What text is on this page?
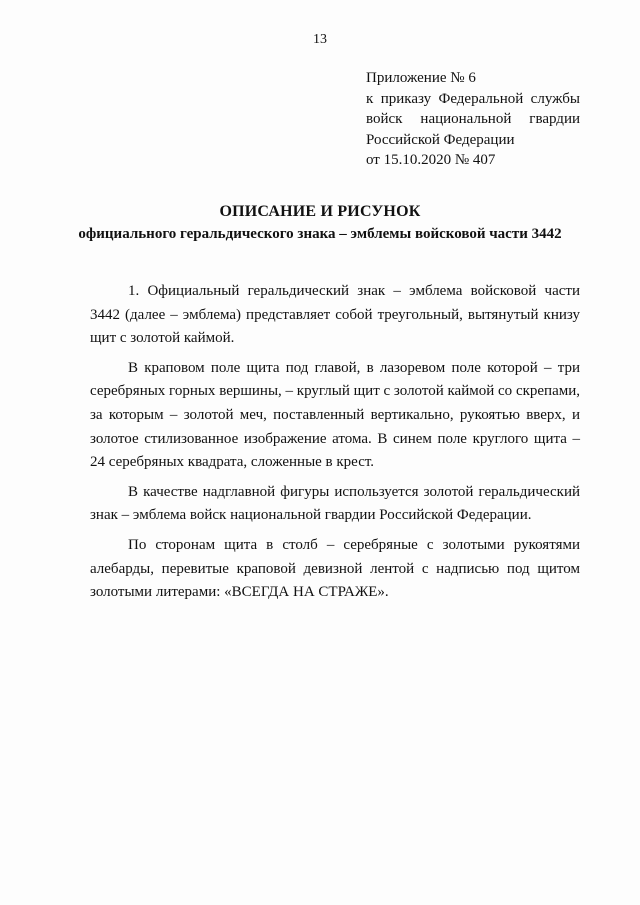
13
Приложение № 6
к приказу Федеральной службы
войск национальной гвардии
Российской Федерации
от 15.10.2020 № 407
ОПИСАНИЕ И РИСУНОК
официального геральдического знака – эмблемы войсковой части 3442

1. Официальный геральдический знак – эмблема войсковой части 3442 (далее – эмблема) представляет собой треугольный, вытянутый книзу щит с золотой каймой.

В краповом поле щита под главой, в лазоревом поле которой – три серебряных горных вершины, – круглый щит с золотой каймой со скрепами, за которым – золотой меч, поставленный вертикально, рукоятью вверх, и золотое стилизованное изображение атома. В синем поле круглого щита – 24 серебряных квадрата, сложенные в крест.

В качестве надглавной фигуры используется золотой геральдический знак – эмблема войск национальной гвардии Российской Федерации.

По сторонам щита в столб – серебряные с золотыми рукоятями алебарды, перевитые краповой девизной лентой с надписью под щитом золотыми литерами: «ВСЕГДА НА СТРАЖЕ».
